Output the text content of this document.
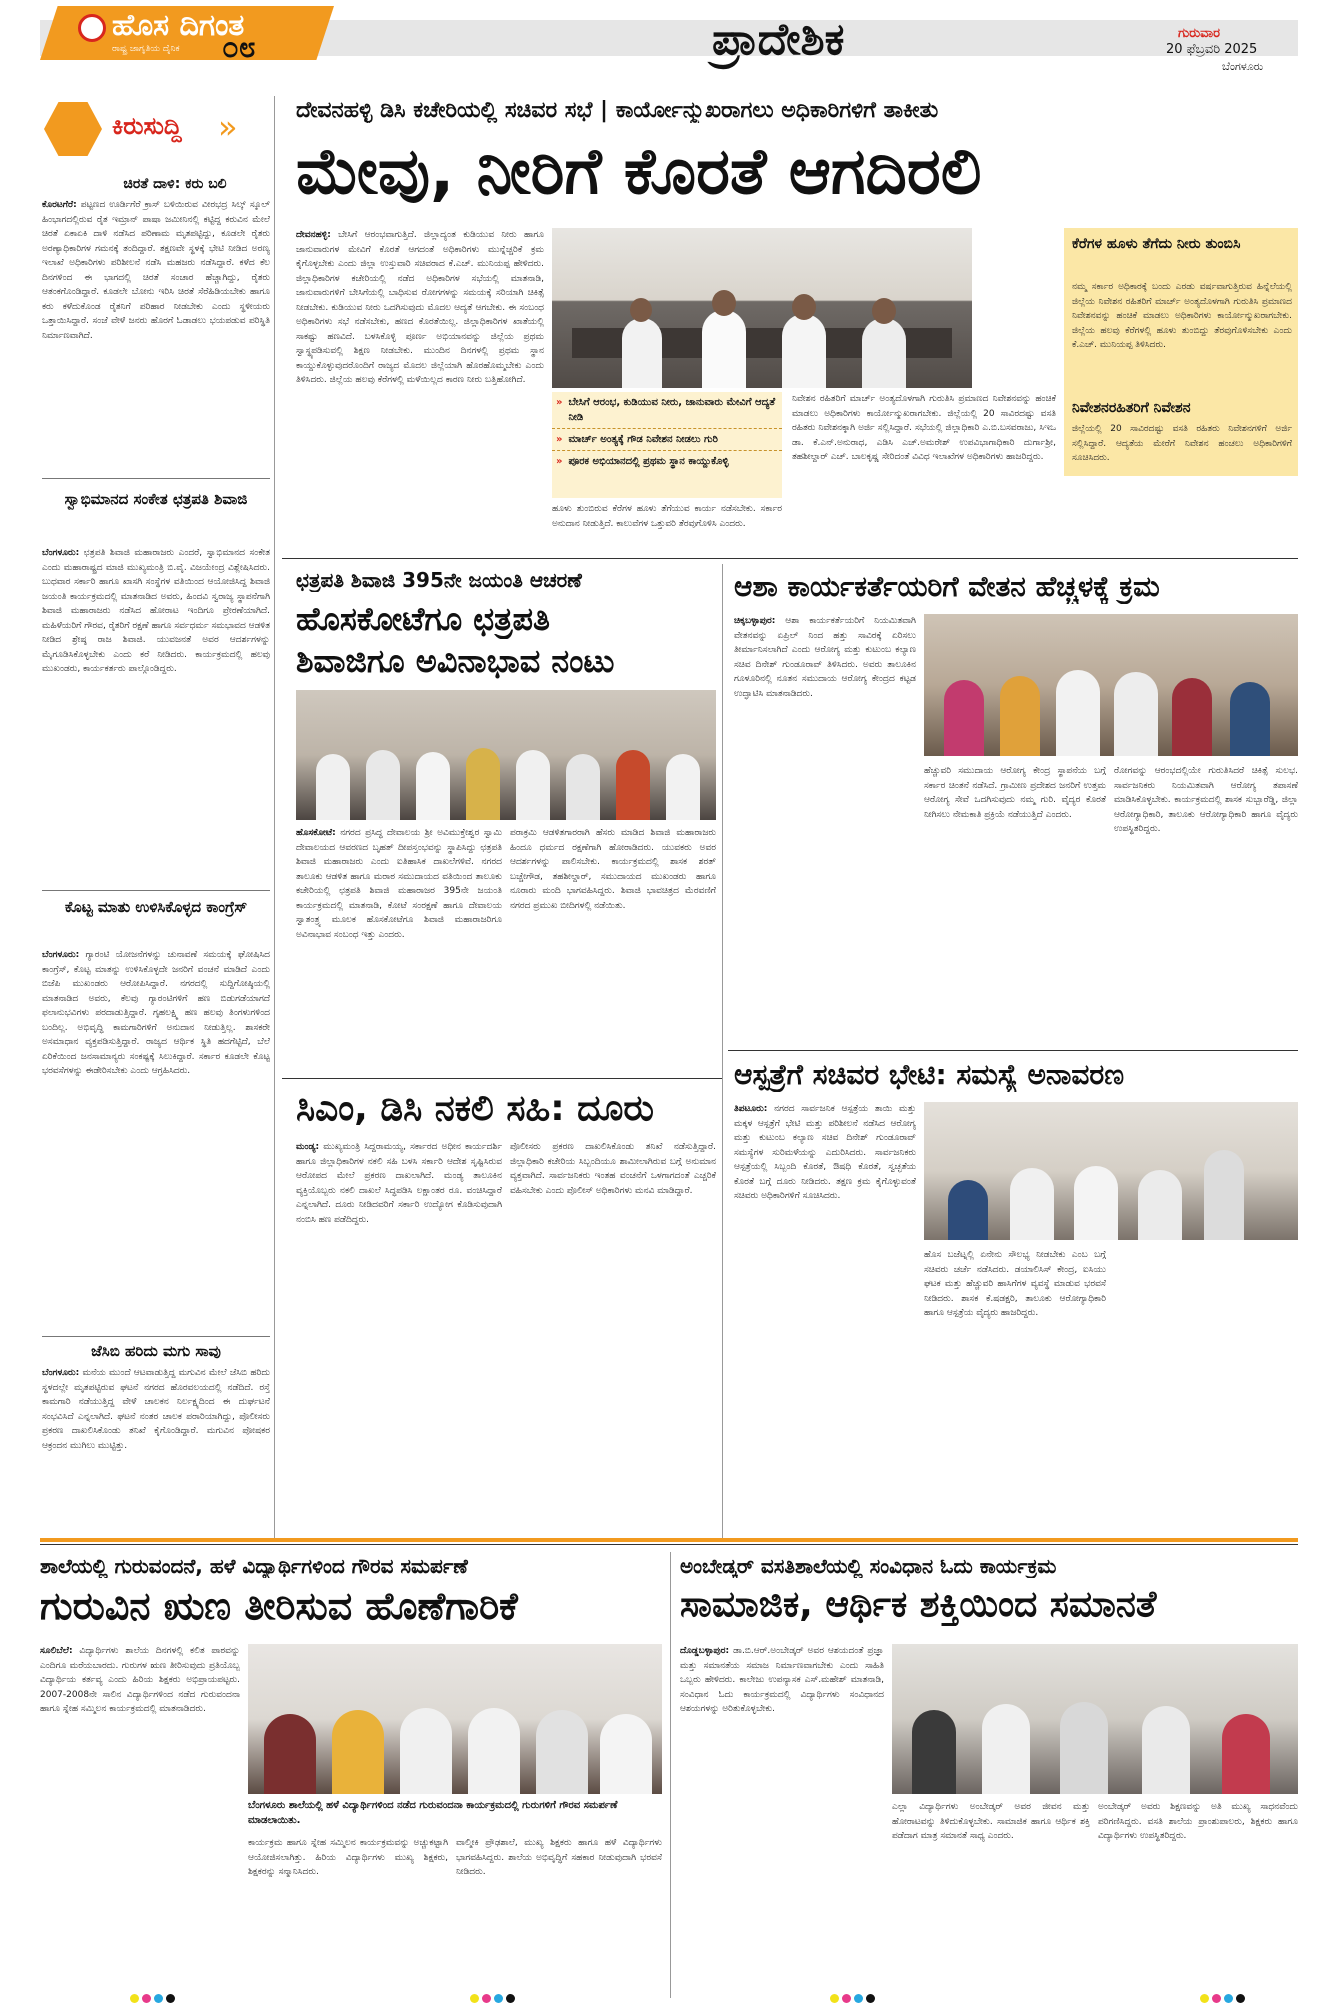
ಹೊಸ ದಿಗಂತ
ರಾಷ್ಟ್ರ ಜಾಗೃತಿಯ ದೈನಿಕ ೦೮	ಪ್ರಾದೇಶಿಕ	ಗುರುವಾರ
20 ಫೆಬ್ರವರಿ 2025
ಬೆಂಗಳೂರು
ಕಿರುಸುದ್ದಿ »
ಚಿರತೆ ದಾಳಿ: ಕರು ಬಲಿ
ಕೊರಟಗೆರೆ: ಪಟ್ಟಣದ ಊರ್ಡಿಗೆರೆ ಕ್ರಾಸ್ ಬಳಿಯಿರುವ ವೀರಭದ್ರ ಸಿಲ್ಕ್ ಸ್ಕೂಲ್ ಹಿಂಭಾಗದಲ್ಲಿರುವ ರೈತ ಇಮ್ರಾನ್ ಪಾಷಾ ಜಮೀನಿನಲ್ಲಿ ಕಟ್ಟಿದ್ದ ಕರುವಿನ ಮೇಲೆ ಚಿರತೆ ಏಕಾಏಕಿ ದಾಳಿ ನಡೆಸಿದ ಪರಿಣಾಮ ಮೃತಪಟ್ಟಿದ್ದು, ಕೂಡಲೇ ರೈತರು ಅರಣ್ಯಾಧಿಕಾರಿಗಳ ಗಮನಕ್ಕೆ ತಂದಿದ್ದಾರೆ. ತಕ್ಷಣವೇ ಸ್ಥಳಕ್ಕೆ ಭೇಟಿ ನೀಡಿದ ಅರಣ್ಯ ಇಲಾಖೆ ಅಧಿಕಾರಿಗಳು ಪರಿಶೀಲನೆ ನಡೆಸಿ ಮಹಜರು ನಡೆಸಿದ್ದಾರೆ. ಕಳೆದ ಕೆಲ ದಿನಗಳಿಂದ ಈ ಭಾಗದಲ್ಲಿ ಚಿರತೆ ಸಂಚಾರ ಹೆಚ್ಚಾಗಿದ್ದು, ರೈತರು ಆತಂಕಗೊಂಡಿದ್ದಾರೆ. ಕೂಡಲೇ ಬೋನು ಇರಿಸಿ ಚಿರತೆ ಸೆರೆಹಿಡಿಯಬೇಕು ಹಾಗೂ ಕರು ಕಳೆದುಕೊಂಡ ರೈತನಿಗೆ ಪರಿಹಾರ ನೀಡಬೇಕು ಎಂದು ಸ್ಥಳೀಯರು ಒತ್ತಾಯಿಸಿದ್ದಾರೆ. ಸಂಜೆ ವೇಳೆ ಜನರು ಹೊರಗೆ ಓಡಾಡಲು ಭಯಪಡುವ ಪರಿಸ್ಥಿತಿ ನಿರ್ಮಾಣವಾಗಿದೆ.
ಸ್ವಾಭಿಮಾನದ ಸಂಕೇತ ಛತ್ರಪತಿ ಶಿವಾಜಿ
ಬೆಂಗಳೂರು: ಛತ್ರಪತಿ ಶಿವಾಜಿ ಮಹಾರಾಜರು ಎಂದರೆ, ಸ್ವಾಭಿಮಾನದ ಸಂಕೇತ ಎಂದು ಮಹಾರಾಷ್ಟ್ರದ ಮಾಜಿ ಮುಖ್ಯಮಂತ್ರಿ ಬಿ.ವೈ. ವಿಜಯೇಂದ್ರ ವಿಶ್ಲೇಷಿಸಿದರು. ಬುಧವಾರ ಸರ್ಕಾರಿ ಹಾಗೂ ಖಾಸಗಿ ಸಂಸ್ಥೆಗಳ ವತಿಯಿಂದ ಆಯೋಜಿಸಿದ್ದ ಶಿವಾಜಿ ಜಯಂತಿ ಕಾರ್ಯಕ್ರಮದಲ್ಲಿ ಮಾತನಾಡಿದ ಅವರು, ಹಿಂದವಿ ಸ್ವರಾಜ್ಯ ಸ್ಥಾಪನೆಗಾಗಿ ಶಿವಾಜಿ ಮಹಾರಾಜರು ನಡೆಸಿದ ಹೋರಾಟ ಇಂದಿಗೂ ಪ್ರೇರಣೆಯಾಗಿದೆ. ಮಹಿಳೆಯರಿಗೆ ಗೌರವ, ರೈತರಿಗೆ ರಕ್ಷಣೆ ಹಾಗೂ ಸರ್ವಧರ್ಮ ಸಮಭಾವದ ಆಡಳಿತ ನೀಡಿದ ಶ್ರೇಷ್ಠ ರಾಜ ಶಿವಾಜಿ. ಯುವಜನತೆ ಅವರ ಆದರ್ಶಗಳನ್ನು ಮೈಗೂಡಿಸಿಕೊಳ್ಳಬೇಕು ಎಂದು ಕರೆ ನೀಡಿದರು. ಕಾರ್ಯಕ್ರಮದಲ್ಲಿ ಹಲವು ಮುಖಂಡರು, ಕಾರ್ಯಕರ್ತರು ಪಾಲ್ಗೊಂಡಿದ್ದರು.
ಕೊಟ್ಟ ಮಾತು ಉಳಿಸಿಕೊಳ್ಳದ ಕಾಂಗ್ರೆಸ್
ಬೆಂಗಳೂರು: ಗ್ಯಾರಂಟಿ ಯೋಜನೆಗಳನ್ನು ಚುನಾವಣೆ ಸಮಯಕ್ಕೆ ಘೋಷಿಸಿದ ಕಾಂಗ್ರೆಸ್, ಕೊಟ್ಟ ಮಾತನ್ನು ಉಳಿಸಿಕೊಳ್ಳದೇ ಜನರಿಗೆ ವಂಚನೆ ಮಾಡಿದೆ ಎಂದು ಬಿಜೆಪಿ ಮುಖಂಡರು ಆರೋಪಿಸಿದ್ದಾರೆ. ನಗರದಲ್ಲಿ ಸುದ್ದಿಗೋಷ್ಠಿಯಲ್ಲಿ ಮಾತನಾಡಿದ ಅವರು, ಕೆಲವು ಗ್ಯಾರಂಟಿಗಳಿಗೆ ಹಣ ಬಿಡುಗಡೆಯಾಗದೆ ಫಲಾನುಭವಿಗಳು ಪರದಾಡುತ್ತಿದ್ದಾರೆ. ಗೃಹಲಕ್ಷ್ಮಿ ಹಣ ಹಲವು ತಿಂಗಳುಗಳಿಂದ ಬಂದಿಲ್ಲ. ಅಭಿವೃದ್ಧಿ ಕಾಮಗಾರಿಗಳಿಗೆ ಅನುದಾನ ನೀಡುತ್ತಿಲ್ಲ. ಶಾಸಕರೇ ಅಸಮಾಧಾನ ವ್ಯಕ್ತಪಡಿಸುತ್ತಿದ್ದಾರೆ. ರಾಜ್ಯದ ಆರ್ಥಿಕ ಸ್ಥಿತಿ ಹದಗೆಟ್ಟಿದೆ, ಬೆಲೆ ಏರಿಕೆಯಿಂದ ಜನಸಾಮಾನ್ಯರು ಸಂಕಷ್ಟಕ್ಕೆ ಸಿಲುಕಿದ್ದಾರೆ. ಸರ್ಕಾರ ಕೂಡಲೇ ಕೊಟ್ಟ ಭರವಸೆಗಳನ್ನು ಈಡೇರಿಸಬೇಕು ಎಂದು ಆಗ್ರಹಿಸಿದರು.
ಜೆಸಿಬಿ ಹರಿದು ಮಗು ಸಾವು
ಬೆಂಗಳೂರು: ಮನೆಯ ಮುಂದೆ ಆಟವಾಡುತ್ತಿದ್ದ ಮಗುವಿನ ಮೇಲೆ ಜೆಸಿಬಿ ಹರಿದು ಸ್ಥಳದಲ್ಲೇ ಮೃತಪಟ್ಟಿರುವ ಘಟನೆ ನಗರದ ಹೊರವಲಯದಲ್ಲಿ ನಡೆದಿದೆ. ರಸ್ತೆ ಕಾಮಗಾರಿ ನಡೆಯುತ್ತಿದ್ದ ವೇಳೆ ಚಾಲಕನ ನಿರ್ಲಕ್ಷ್ಯದಿಂದ ಈ ದುರ್ಘಟನೆ ಸಂಭವಿಸಿದೆ ಎನ್ನಲಾಗಿದೆ. ಘಟನೆ ನಂತರ ಚಾಲಕ ಪರಾರಿಯಾಗಿದ್ದು, ಪೊಲೀಸರು ಪ್ರಕರಣ ದಾಖಲಿಸಿಕೊಂಡು ತನಿಖೆ ಕೈಗೊಂಡಿದ್ದಾರೆ. ಮಗುವಿನ ಪೋಷಕರ ಆಕ್ರಂದನ ಮುಗಿಲು ಮುಟ್ಟಿತ್ತು.
ದೇವನಹಳ್ಳಿ ಡಿಸಿ ಕಚೇರಿಯಲ್ಲಿ ಸಚಿವರ ಸಭೆ | ಕಾರ್ಯೋನ್ಮುಖರಾಗಲು ಅಧಿಕಾರಿಗಳಿಗೆ ತಾಕೀತು
ಮೇವು, ನೀರಿಗೆ ಕೊರತೆ ಆಗದಿರಲಿ
ದೇವನಹಳ್ಳಿ: ಬೇಸಿಗೆ ಆರಂಭವಾಗುತ್ತಿದೆ. ಜಿಲ್ಲಾದ್ಯಂತ ಕುಡಿಯುವ ನೀರು ಹಾಗೂ ಜಾನುವಾರುಗಳ ಮೇವಿಗೆ ಕೊರತೆ ಆಗದಂತೆ ಅಧಿಕಾರಿಗಳು ಮುನ್ನೆಚ್ಚರಿಕೆ ಕ್ರಮ ಕೈಗೊಳ್ಳಬೇಕು ಎಂದು ಜಿಲ್ಲಾ ಉಸ್ತುವಾರಿ ಸಚಿವರಾದ ಕೆ.ಎಚ್. ಮುನಿಯಪ್ಪ ಹೇಳಿದರು. ಜಿಲ್ಲಾಧಿಕಾರಿಗಳ ಕಚೇರಿಯಲ್ಲಿ ನಡೆದ ಅಧಿಕಾರಿಗಳ ಸಭೆಯಲ್ಲಿ ಮಾತನಾಡಿ, ಜಾನುವಾರುಗಳಿಗೆ ಬೇಸಿಗೆಯಲ್ಲಿ ಬಾಧಿಸುವ ರೋಗಗಳನ್ನು ಸಮಯಕ್ಕೆ ಸರಿಯಾಗಿ ಚಿಕಿತ್ಸೆ ನೀಡಬೇಕು. ಕುಡಿಯುವ ನೀರು ಒದಗಿಸುವುದು ಮೊದಲ ಆದ್ಯತೆ ಆಗಬೇಕು. ಈ ಸಂಬಂಧ ಅಧಿಕಾರಿಗಳು ಸಭೆ ನಡೆಸಬೇಕು, ಹಣದ ಕೊರತೆಯಿಲ್ಲ. ಜಿಲ್ಲಾಧಿಕಾರಿಗಳ ಖಾತೆಯಲ್ಲಿ ಸಾಕಷ್ಟು ಹಣವಿದೆ. ಬಳಸಿಕೊಳ್ಳಿ ಪೂರ್ಣ ಅಭಿಯಾನವನ್ನು ಜಿಲ್ಲೆಯ ಪ್ರಥಮ ಸ್ವಾಸ್ಥ್ಯಪಡಿಸುವಲ್ಲಿ ಶಿಕ್ಷಣ ನೀಡಬೇಕು. ಮುಂದಿನ ದಿನಗಳಲ್ಲಿ ಪ್ರಥಮ ಸ್ಥಾನ ಕಾಯ್ದುಕೊಳ್ಳುವುದರೊಂದಿಗೆ ರಾಜ್ಯದ ಮೊದಲ ಜಿಲ್ಲೆಯಾಗಿ ಹೊರಹೊಮ್ಮಬೇಕು ಎಂದು ತಿಳಿಸಿದರು. ಜಿಲ್ಲೆಯ ಹಲವು ಕೆರೆಗಳಲ್ಲಿ ಮಳೆಯಿಲ್ಲದ ಕಾರಣ ನೀರು ಬತ್ತಿಹೋಗಿದೆ.
» ಬೇಸಿಗೆ ಆರಂಭ, ಕುಡಿಯುವ ನೀರು, ಜಾನುವಾರು ಮೇವಿಗೆ ಆದ್ಯತೆ ನೀಡಿ
» ಮಾರ್ಚ್ ಅಂತ್ಯಕ್ಕೆ ಗೌಡ ನಿವೇಶನ ನೀಡಲು ಗುರಿ
» ಪೂರಕ ಅಭಿಯಾನದಲ್ಲಿ ಪ್ರಥಮ ಸ್ಥಾನ ಕಾಯ್ದುಕೊಳ್ಳಿ
ಹೂಳು ತುಂಬಿರುವ ಕೆರೆಗಳ ಹೂಳು ತೆಗೆಯುವ ಕಾರ್ಯ ನಡೆಸಬೇಕು. ಸರ್ಕಾರ ಅನುದಾನ ನೀಡುತ್ತಿದೆ. ಕಾಲುವೆಗಳ ಒತ್ತುವರಿ ತೆರವುಗೊಳಿಸಿ ಎಂದರು.
ನಿವೇಶನ ರಹಿತರಿಗೆ ಮಾರ್ಚ್ ಅಂತ್ಯದೊಳಗಾಗಿ ಗುರುತಿಸಿ ಪ್ರಮಾಣದ ನಿವೇಶನವನ್ನು ಹಂಚಿಕೆ ಮಾಡಲು ಅಧಿಕಾರಿಗಳು ಕಾರ್ಯೋನ್ಮುಖರಾಗಬೇಕು. ಜಿಲ್ಲೆಯಲ್ಲಿ 20 ಸಾವಿರದಷ್ಟು ವಸತಿ ರಹಿತರು ನಿವೇಶನಕ್ಕಾಗಿ ಅರ್ಜಿ ಸಲ್ಲಿಸಿದ್ದಾರೆ. ಸಭೆಯಲ್ಲಿ ಜಿಲ್ಲಾಧಿಕಾರಿ ಎ.ಬಿ.ಬಸವರಾಜು, ಸಿಇಒ ಡಾ. ಕೆ.ಎನ್.ಅನುರಾಧ, ಎಡಿಸಿ ಎಚ್.ಅಮರೇಶ್ ಉಪವಿಭಾಗಾಧಿಕಾರಿ ದುರ್ಗಾಶ್ರೀ, ತಹಶೀಲ್ದಾರ್ ಎಚ್. ಬಾಲಕೃಷ್ಣ ಸೇರಿದಂತೆ ವಿವಿಧ ಇಲಾಖೆಗಳ ಅಧಿಕಾರಿಗಳು ಹಾಜರಿದ್ದರು.
ಕೆರೆಗಳ ಹೂಳು ತೆಗೆದು ನೀರು ತುಂಬಿಸಿ
ನಮ್ಮ ಸರ್ಕಾರ ಅಧಿಕಾರಕ್ಕೆ ಬಂದು ಎರಡು ವರ್ಷವಾಗುತ್ತಿರುವ ಹಿನ್ನೆಲೆಯಲ್ಲಿ ಜಿಲ್ಲೆಯ ನಿವೇಶನ ರಹಿತರಿಗೆ ಮಾರ್ಚ್ ಅಂತ್ಯದೊಳಗಾಗಿ ಗುರುತಿಸಿ ಪ್ರಮಾಣದ ನಿವೇಶನವನ್ನು ಹಂಚಿಕೆ ಮಾಡಲು ಅಧಿಕಾರಿಗಳು ಕಾರ್ಯೋನ್ಮುಖರಾಗಬೇಕು. ಜಿಲ್ಲೆಯ ಹಲವು ಕೆರೆಗಳಲ್ಲಿ ಹೂಳು ತುಂಬಿದ್ದು ತೆರವುಗೊಳಿಸಬೇಕು ಎಂದು ಕೆ.ಎಚ್. ಮುನಿಯಪ್ಪ ತಿಳಿಸಿದರು.
ನಿವೇಶನರಹಿತರಿಗೆ ನಿವೇಶನ
ಜಿಲ್ಲೆಯಲ್ಲಿ 20 ಸಾವಿರದಷ್ಟು ವಸತಿ ರಹಿತರು ನಿವೇಶನಗಳಿಗೆ ಅರ್ಜಿ ಸಲ್ಲಿಸಿದ್ದಾರೆ. ಆದ್ಯತೆಯ ಮೇರೆಗೆ ನಿವೇಶನ ಹಂಚಲು ಅಧಿಕಾರಿಗಳಿಗೆ ಸೂಚಿಸಿದರು.
ಛತ್ರಪತಿ ಶಿವಾಜಿ 395ನೇ ಜಯಂತಿ ಆಚರಣೆ
ಹೊಸಕೋಟೆಗೂ ಛತ್ರಪತಿ
ಶಿವಾಜಿಗೂ ಅವಿನಾಭಾವ ನಂಟು
ಹೊಸಕೋಟೆ: ನಗರದ ಪ್ರಸಿದ್ಧ ದೇವಾಲಯ ಶ್ರೀ ಅವಿಮುಕ್ತೇಶ್ವರ ಸ್ವಾಮಿ ದೇವಾಲಯದ ಆವರಣದ ಬೃಹತ್ ದೀಪಸ್ತಂಭವನ್ನು ಸ್ಥಾಪಿಸಿದ್ದು ಛತ್ರಪತಿ ಶಿವಾಜಿ ಮಹಾರಾಜರು ಎಂದು ಐತಿಹಾಸಿಕ ದಾಖಲೆಗಳಿವೆ. ನಗರದ ತಾಲೂಕು ಆಡಳಿತ ಹಾಗೂ ಮರಾಠ ಸಮುದಾಯದ ವತಿಯಿಂದ ತಾಲೂಕು ಕಚೇರಿಯಲ್ಲಿ ಛತ್ರಪತಿ ಶಿವಾಜಿ ಮಹಾರಾಜರ 395ನೇ ಜಯಂತಿ ಕಾರ್ಯಕ್ರಮದಲ್ಲಿ ಮಾತನಾಡಿ, ಕೋಟೆ ಸಂರಕ್ಷಣೆ ಹಾಗೂ ದೇವಾಲಯ ಸ್ವಾತಂತ್ರ್ಯ ಮೂಲಕ ಹೊಸಕೋಟೆಗೂ ಶಿವಾಜಿ ಮಹಾರಾಜರಿಗೂ ಅವಿನಾಭಾವ ಸಂಬಂಧ ಇತ್ತು ಎಂದರು.
ಪರಾಕ್ರಮಿ ಆಡಳಿತಗಾರರಾಗಿ ಹೆಸರು ಮಾಡಿದ ಶಿವಾಜಿ ಮಹಾರಾಜರು ಹಿಂದೂ ಧರ್ಮದ ರಕ್ಷಣೆಗಾಗಿ ಹೋರಾಡಿದರು. ಯುವಕರು ಅವರ ಆದರ್ಶಗಳನ್ನು ಪಾಲಿಸಬೇಕು. ಕಾರ್ಯಕ್ರಮದಲ್ಲಿ ಶಾಸಕ ಶರತ್ ಬಚ್ಚೇಗೌಡ, ತಹಶೀಲ್ದಾರ್, ಸಮುದಾಯದ ಮುಖಂಡರು ಹಾಗೂ ನೂರಾರು ಮಂದಿ ಭಾಗವಹಿಸಿದ್ದರು. ಶಿವಾಜಿ ಭಾವಚಿತ್ರದ ಮೆರವಣಿಗೆ ನಗರದ ಪ್ರಮುಖ ಬೀದಿಗಳಲ್ಲಿ ನಡೆಯಿತು.
ಸಿಎಂ, ಡಿಸಿ ನಕಲಿ ಸಹಿ: ದೂರು
ಮಂಡ್ಯ: ಮುಖ್ಯಮಂತ್ರಿ ಸಿದ್ದರಾಮಯ್ಯ, ಸರ್ಕಾರದ ಅಧೀನ ಕಾರ್ಯದರ್ಶಿ ಹಾಗೂ ಜಿಲ್ಲಾಧಿಕಾರಿಗಳ ನಕಲಿ ಸಹಿ ಬಳಸಿ ಸರ್ಕಾರಿ ಆದೇಶ ಸೃಷ್ಟಿಸಿರುವ ಆರೋಪದ ಮೇಲೆ ಪ್ರಕರಣ ದಾಖಲಾಗಿದೆ. ಮಂಡ್ಯ ತಾಲೂಕಿನ ವ್ಯಕ್ತಿಯೊಬ್ಬರು ನಕಲಿ ದಾಖಲೆ ಸಿದ್ಧಪಡಿಸಿ ಲಕ್ಷಾಂತರ ರೂ. ವಂಚಿಸಿದ್ದಾರೆ ಎನ್ನಲಾಗಿದೆ. ದೂರು ನೀಡಿದವರಿಗೆ ಸರ್ಕಾರಿ ಉದ್ಯೋಗ ಕೊಡಿಸುವುದಾಗಿ ನಂಬಿಸಿ ಹಣ ಪಡೆದಿದ್ದರು.
ಪೊಲೀಸರು ಪ್ರಕರಣ ದಾಖಲಿಸಿಕೊಂಡು ತನಿಖೆ ನಡೆಸುತ್ತಿದ್ದಾರೆ. ಜಿಲ್ಲಾಧಿಕಾರಿ ಕಚೇರಿಯ ಸಿಬ್ಬಂದಿಯೂ ಶಾಮೀಲಾಗಿರುವ ಬಗ್ಗೆ ಅನುಮಾನ ವ್ಯಕ್ತವಾಗಿದೆ. ಸಾರ್ವಜನಿಕರು ಇಂತಹ ವಂಚನೆಗೆ ಒಳಗಾಗದಂತೆ ಎಚ್ಚರಿಕೆ ವಹಿಸಬೇಕು ಎಂದು ಪೊಲೀಸ್ ಅಧಿಕಾರಿಗಳು ಮನವಿ ಮಾಡಿದ್ದಾರೆ.
ಆಶಾ ಕಾರ್ಯಕರ್ತೆಯರಿಗೆ ವೇತನ ಹೆಚ್ಚಳಕ್ಕೆ ಕ್ರಮ
ಚಿಕ್ಕಬಳ್ಳಾಪುರ: ಆಶಾ ಕಾರ್ಯಕರ್ತೆಯರಿಗೆ ನಿಯಮಿತವಾಗಿ ವೇತನವನ್ನು ಏಪ್ರಿಲ್ ನಿಂದ ಹತ್ತು ಸಾವಿರಕ್ಕೆ ಏರಿಸಲು ತೀರ್ಮಾನಿಸಲಾಗಿದೆ ಎಂದು ಆರೋಗ್ಯ ಮತ್ತು ಕುಟುಂಬ ಕಲ್ಯಾಣ ಸಚಿವ ದಿನೇಶ್ ಗುಂಡೂರಾವ್ ತಿಳಿಸಿದರು. ಅವರು ತಾಲೂಕಿನ ಗೂಳೂರಿನಲ್ಲಿ ನೂತನ ಸಮುದಾಯ ಆರೋಗ್ಯ ಕೇಂದ್ರದ ಕಟ್ಟಡ ಉದ್ಘಾಟಿಸಿ ಮಾತನಾಡಿದರು.
ಹೆಚ್ಚುವರಿ ಸಮುದಾಯ ಆರೋಗ್ಯ ಕೇಂದ್ರ ಸ್ಥಾಪನೆಯ ಬಗ್ಗೆ ಸರ್ಕಾರ ಚಿಂತನೆ ನಡೆಸಿದೆ. ಗ್ರಾಮೀಣ ಪ್ರದೇಶದ ಜನರಿಗೆ ಉತ್ತಮ ಆರೋಗ್ಯ ಸೇವೆ ಒದಗಿಸುವುದು ನಮ್ಮ ಗುರಿ. ವೈದ್ಯರ ಕೊರತೆ ನೀಗಿಸಲು ನೇಮಕಾತಿ ಪ್ರಕ್ರಿಯೆ ನಡೆಯುತ್ತಿದೆ ಎಂದರು.
ರೋಗವನ್ನು ಆರಂಭದಲ್ಲಿಯೇ ಗುರುತಿಸಿದರೆ ಚಿಕಿತ್ಸೆ ಸುಲಭ. ಸಾರ್ವಜನಿಕರು ನಿಯಮಿತವಾಗಿ ಆರೋಗ್ಯ ತಪಾಸಣೆ ಮಾಡಿಸಿಕೊಳ್ಳಬೇಕು. ಕಾರ್ಯಕ್ರಮದಲ್ಲಿ ಶಾಸಕ ಸುಬ್ಬಾರೆಡ್ಡಿ, ಜಿಲ್ಲಾ ಆರೋಗ್ಯಾಧಿಕಾರಿ, ತಾಲೂಕು ಆರೋಗ್ಯಾಧಿಕಾರಿ ಹಾಗೂ ವೈದ್ಯರು ಉಪಸ್ಥಿತರಿದ್ದರು.
ಆಸ್ಪತ್ರೆಗೆ ಸಚಿವರ ಭೇಟಿ: ಸಮಸ್ಯೆ ಅನಾವರಣ
ತಿಪಟೂರು: ನಗರದ ಸಾರ್ವಜನಿಕ ಆಸ್ಪತ್ರೆಯ ತಾಯಿ ಮತ್ತು ಮಕ್ಕಳ ಆಸ್ಪತ್ರೆಗೆ ಭೇಟಿ ಮತ್ತು ಪರಿಶೀಲನೆ ನಡೆಸಿದ ಆರೋಗ್ಯ ಮತ್ತು ಕುಟುಂಬ ಕಲ್ಯಾಣ ಸಚಿವ ದಿನೇಶ್ ಗುಂಡೂರಾವ್ ಸಮಸ್ಯೆಗಳ ಸುರಿಮಳೆಯನ್ನು ಎದುರಿಸಿದರು. ಸಾರ್ವಜನಿಕರು ಆಸ್ಪತ್ರೆಯಲ್ಲಿ ಸಿಬ್ಬಂದಿ ಕೊರತೆ, ಔಷಧಿ ಕೊರತೆ, ಸ್ವಚ್ಛತೆಯ ಕೊರತೆ ಬಗ್ಗೆ ದೂರು ನೀಡಿದರು. ತಕ್ಷಣ ಕ್ರಮ ಕೈಗೊಳ್ಳುವಂತೆ ಸಚಿವರು ಅಧಿಕಾರಿಗಳಿಗೆ ಸೂಚಿಸಿದರು.
ಹೊಸ ಬಜೆಟ್ನಲ್ಲಿ ಏನೇನು ಸೌಲಭ್ಯ ನೀಡಬೇಕು ಎಂಬ ಬಗ್ಗೆ ಸಚಿವರು ಚರ್ಚೆ ನಡೆಸಿದರು. ಡಯಾಲಿಸಿಸ್ ಕೇಂದ್ರ, ಐಸಿಯು ಘಟಕ ಮತ್ತು ಹೆಚ್ಚುವರಿ ಹಾಸಿಗೆಗಳ ವ್ಯವಸ್ಥೆ ಮಾಡುವ ಭರವಸೆ ನೀಡಿದರು. ಶಾಸಕ ಕೆ.ಷಡಕ್ಷರಿ, ತಾಲೂಕು ಆರೋಗ್ಯಾಧಿಕಾರಿ ಹಾಗೂ ಆಸ್ಪತ್ರೆಯ ವೈದ್ಯರು ಹಾಜರಿದ್ದರು.
ಶಾಲೆಯಲ್ಲಿ ಗುರುವಂದನೆ, ಹಳೆ ವಿದ್ಯಾರ್ಥಿಗಳಿಂದ ಗೌರವ ಸಮರ್ಪಣೆ
ಗುರುವಿನ ಋಣ ತೀರಿಸುವ ಹೊಣೆಗಾರಿಕೆ
ಸೂಲಿಬೆಲೆ: ವಿದ್ಯಾರ್ಥಿಗಳು ಶಾಲೆಯ ದಿನಗಳಲ್ಲಿ ಕಲಿತ ಪಾಠವನ್ನು ಎಂದಿಗೂ ಮರೆಯಬಾರದು. ಗುರುಗಳ ಋಣ ತೀರಿಸುವುದು ಪ್ರತಿಯೊಬ್ಬ ವಿದ್ಯಾರ್ಥಿಯ ಕರ್ತವ್ಯ ಎಂದು ಹಿರಿಯ ಶಿಕ್ಷಕರು ಅಭಿಪ್ರಾಯಪಟ್ಟರು. 2007-2008ನೇ ಸಾಲಿನ ವಿದ್ಯಾರ್ಥಿಗಳಿಂದ ನಡೆದ ಗುರುವಂದನಾ ಹಾಗೂ ಸ್ನೇಹ ಸಮ್ಮಿಲನ ಕಾರ್ಯಕ್ರಮದಲ್ಲಿ ಮಾತನಾಡಿದರು.
ಬೆಂಗಳೂರು ಶಾಲೆಯಲ್ಲಿ ಹಳೆ ವಿದ್ಯಾರ್ಥಿಗಳಿಂದ ನಡೆದ ಗುರುವಂದನಾ ಕಾರ್ಯಕ್ರಮದಲ್ಲಿ ಗುರುಗಳಿಗೆ ಗೌರವ ಸಮರ್ಪಣೆ ಮಾಡಲಾಯಿತು.
ಕಾರ್ಯಕ್ರಮ ಹಾಗೂ ಸ್ನೇಹ ಸಮ್ಮಿಲನ ಕಾರ್ಯಕ್ರಮವನ್ನು ಅಚ್ಚುಕಟ್ಟಾಗಿ ಆಯೋಜಿಸಲಾಗಿತ್ತು. ಹಿರಿಯ ವಿದ್ಯಾರ್ಥಿಗಳು ಮುಖ್ಯ ಶಿಕ್ಷಕರು, ಶಿಕ್ಷಕರನ್ನು ಸನ್ಮಾನಿಸಿದರು.
ವಾಲ್ಮೀಕಿ ಪ್ರೌಢಶಾಲೆ, ಮುಖ್ಯ ಶಿಕ್ಷಕರು ಹಾಗೂ ಹಳೆ ವಿದ್ಯಾರ್ಥಿಗಳು ಭಾಗವಹಿಸಿದ್ದರು. ಶಾಲೆಯ ಅಭಿವೃದ್ಧಿಗೆ ಸಹಕಾರ ನೀಡುವುದಾಗಿ ಭರವಸೆ ನೀಡಿದರು.
ಅಂಬೇಡ್ಕರ್ ವಸತಿಶಾಲೆಯಲ್ಲಿ ಸಂವಿಧಾನ ಓದು ಕಾರ್ಯಕ್ರಮ
ಸಾಮಾಜಿಕ, ಆರ್ಥಿಕ ಶಕ್ತಿಯಿಂದ ಸಮಾನತೆ
ದೊಡ್ಡಬಳ್ಳಾಪುರ: ಡಾ.ಬಿ.ಆರ್.ಅಂಬೇಡ್ಕರ್ ಅವರ ಆಶಯದಂತೆ ಪ್ರಜ್ಞಾ ಮತ್ತು ಸಮಾನತೆಯ ಸಮಾಜ ನಿರ್ಮಾಣವಾಗಬೇಕು ಎಂದು ಸಾಹಿತಿ ಒಬ್ಬರು ಹೇಳಿದರು. ಕಾಲೇಜು ಉಪನ್ಯಾಸಕ ಎಸ್.ಮಹೇಶ್ ಮಾತನಾಡಿ, ಸಂವಿಧಾನ ಓದು ಕಾರ್ಯಕ್ರಮದಲ್ಲಿ ವಿದ್ಯಾರ್ಥಿಗಳು ಸಂವಿಧಾನದ ಆಶಯಗಳನ್ನು ಅರಿತುಕೊಳ್ಳಬೇಕು.
ಎಲ್ಲಾ ವಿದ್ಯಾರ್ಥಿಗಳು ಅಂಬೇಡ್ಕರ್ ಅವರ ಜೀವನ ಮತ್ತು ಹೋರಾಟವನ್ನು ತಿಳಿದುಕೊಳ್ಳಬೇಕು. ಸಾಮಾಜಿಕ ಹಾಗೂ ಆರ್ಥಿಕ ಶಕ್ತಿ ಪಡೆದಾಗ ಮಾತ್ರ ಸಮಾನತೆ ಸಾಧ್ಯ ಎಂದರು.
ಅಂಬೇಡ್ಕರ್ ಅವರು ಶಿಕ್ಷಣವನ್ನು ಅತಿ ಮುಖ್ಯ ಸಾಧನವೆಂದು ಪರಿಗಣಿಸಿದ್ದರು. ವಸತಿ ಶಾಲೆಯ ಪ್ರಾಂಶುಪಾಲರು, ಶಿಕ್ಷಕರು ಹಾಗೂ ವಿದ್ಯಾರ್ಥಿಗಳು ಉಪಸ್ಥಿತರಿದ್ದರು.
